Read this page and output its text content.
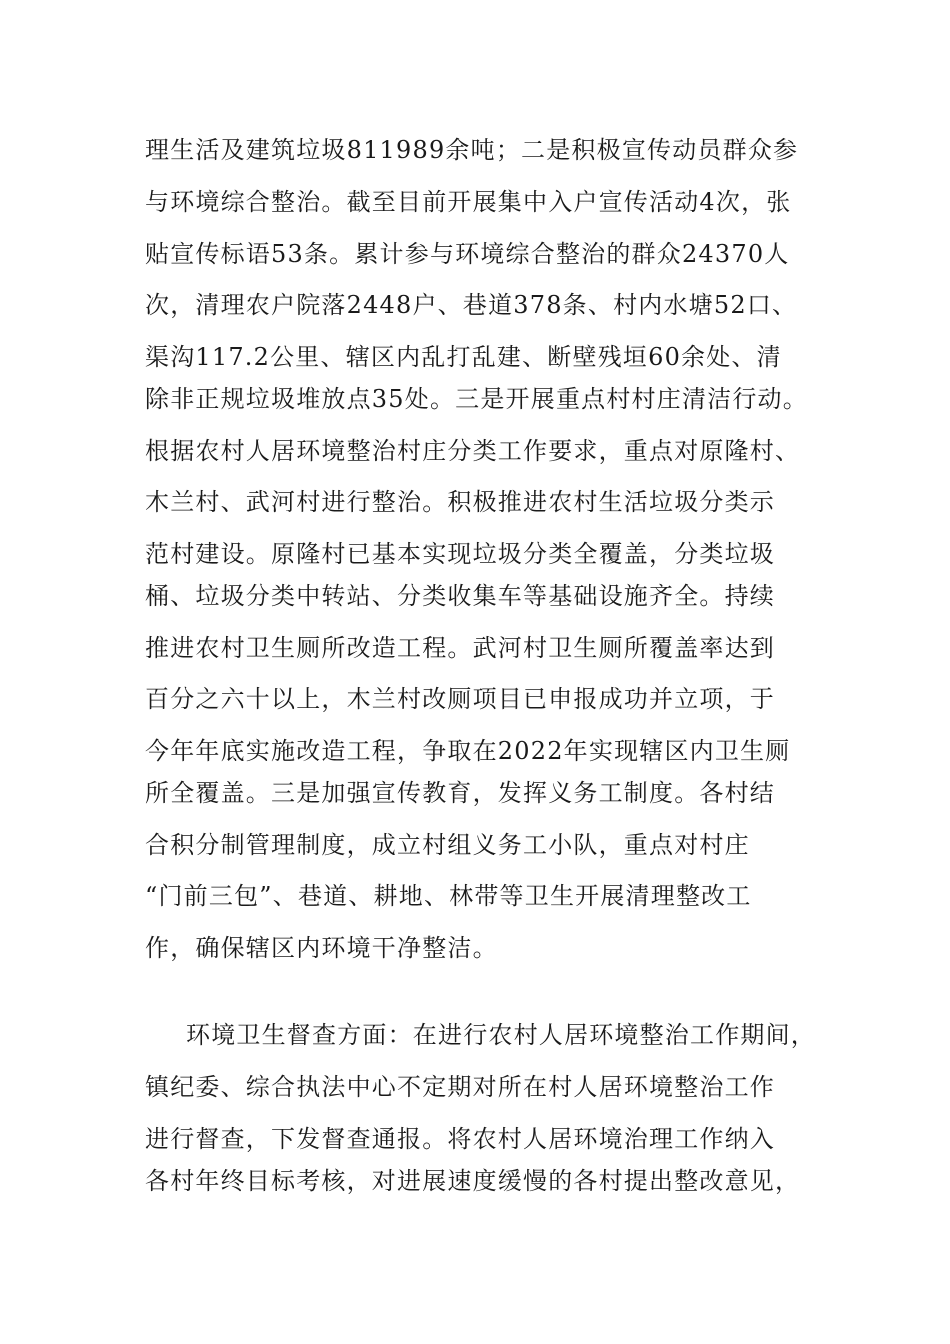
理生活及建筑垃圾811989余吨；二是积极宣传动员群众参
与环境综合整治。截至目前开展集中入户宣传活动4次，张
贴宣传标语53条。累计参与环境综合整治的群众24370人
次，清理农户院落2448户、巷道378条、村内水塘52口、
渠沟117.2公里、辖区内乱打乱建、断壁残垣60余处、清
除非正规垃圾堆放点35处。三是开展重点村村庄清洁行动。
根据农村人居环境整治村庄分类工作要求，重点对原隆村、
木兰村、武河村进行整治。积极推进农村生活垃圾分类示
范村建设。原隆村已基本实现垃圾分类全覆盖，分类垃圾
桶、垃圾分类中转站、分类收集车等基础设施齐全。持续
推进农村卫生厕所改造工程。武河村卫生厕所覆盖率达到
百分之六十以上，木兰村改厕项目已申报成功并立项，于
今年年底实施改造工程，争取在2022年实现辖区内卫生厕
所全覆盖。三是加强宣传教育，发挥义务工制度。各村结
合积分制管理制度，成立村组义务工小队，重点对村庄
“门前三包”、巷道、耕地、林带等卫生开展清理整改工
作，确保辖区内环境干净整洁。
环境卫生督查方面：在进行农村人居环境整治工作期间，
镇纪委、综合执法中心不定期对所在村人居环境整治工作
进行督查，下发督查通报。将农村人居环境治理工作纳入
各村年终目标考核，对进展速度缓慢的各村提出整改意见，
